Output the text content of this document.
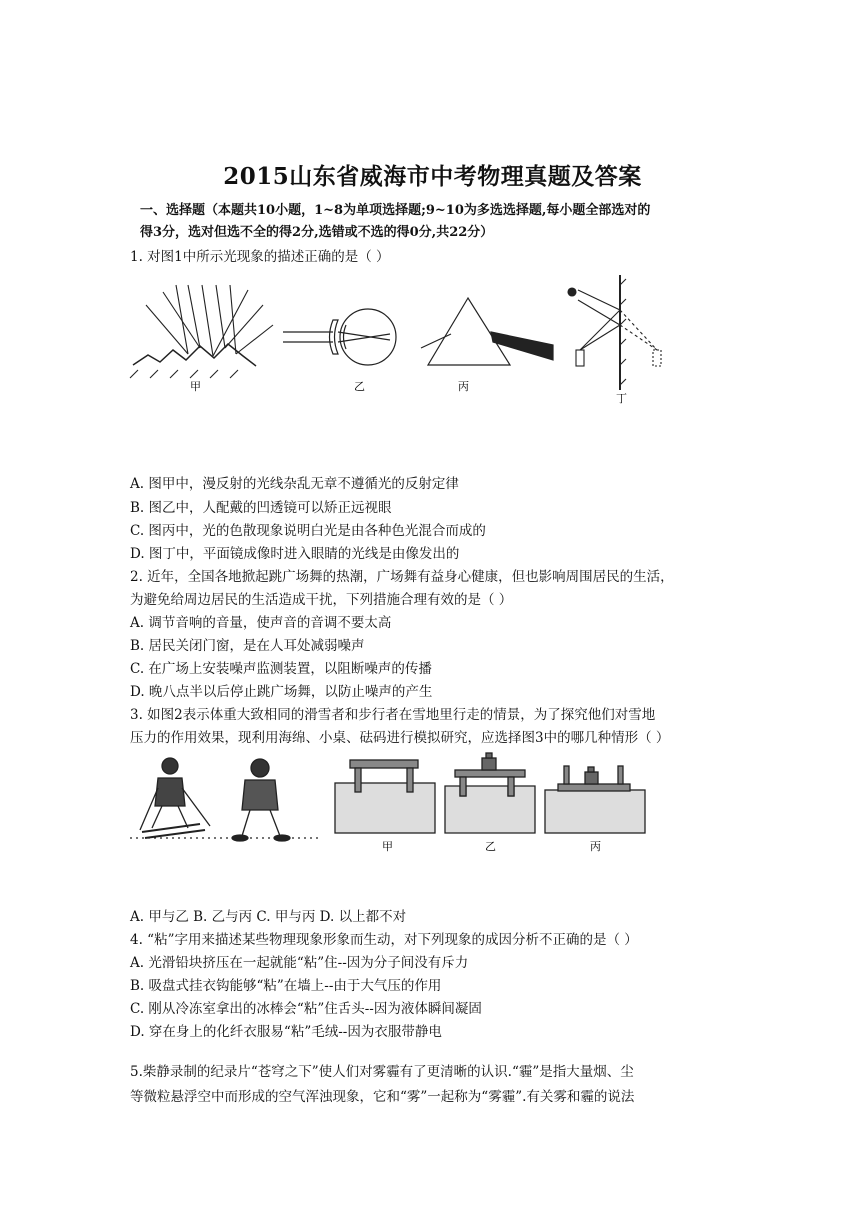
2015山东省威海市中考物理真题及答案
一、选择题（本题共10小题，1~8为单项选择题;9~10为多选选择题,每小题全部选对的
得3分，选对但选不全的得2分,选错或不选的得0分,共22分）
1. 对图1中所示光现象的描述正确的是（ ）
甲	乙	丙
丁
A. 图甲中，漫反射的光线杂乱无章不遵循光的反射定律
B. 图乙中，人配戴的凹透镜可以矫正远视眼
C. 图丙中，光的色散现象说明白光是由各种色光混合而成的
D. 图丁中，平面镜成像时进入眼睛的光线是由像发出的
2. 近年，全国各地掀起跳广场舞的热潮，广场舞有益身心健康，但也影响周围居民的生活，
为避免给周边居民的生活造成干扰，下列措施合理有效的是（ ）
A. 调节音响的音量，使声音的音调不要太高
B. 居民关闭门窗，是在人耳处减弱噪声
C. 在广场上安装噪声监测装置，以阻断噪声的传播
D. 晚八点半以后停止跳广场舞，以防止噪声的产生
3. 如图2表示体重大致相同的滑雪者和步行者在雪地里行走的情景，为了探究他们对雪地
压力的作用效果，现利用海绵、小桌、砝码进行模拟研究，应选择图3中的哪几种情形（ ）
甲	乙	丙
A. 甲与乙 B. 乙与丙 C. 甲与丙 D. 以上都不对
4. “粘”字用来描述某些物理现象形象而生动，对下列现象的成因分析不正确的是（ ）
A. 光滑铅块挤压在一起就能“粘”住--因为分子间没有斥力
B. 吸盘式挂衣钩能够“粘”在墙上--由于大气压的作用
C. 刚从冷冻室拿出的冰棒会“粘”住舌头--因为液体瞬间凝固
D. 穿在身上的化纤衣服易“粘”毛绒--因为衣服带静电
5.柴静录制的纪录片“苍穹之下”使人们对雾霾有了更清晰的认识.“霾”是指大量烟、尘
等微粒悬浮空中而形成的空气浑浊现象，它和“雾”一起称为“雾霾”.有关雾和霾的说法
